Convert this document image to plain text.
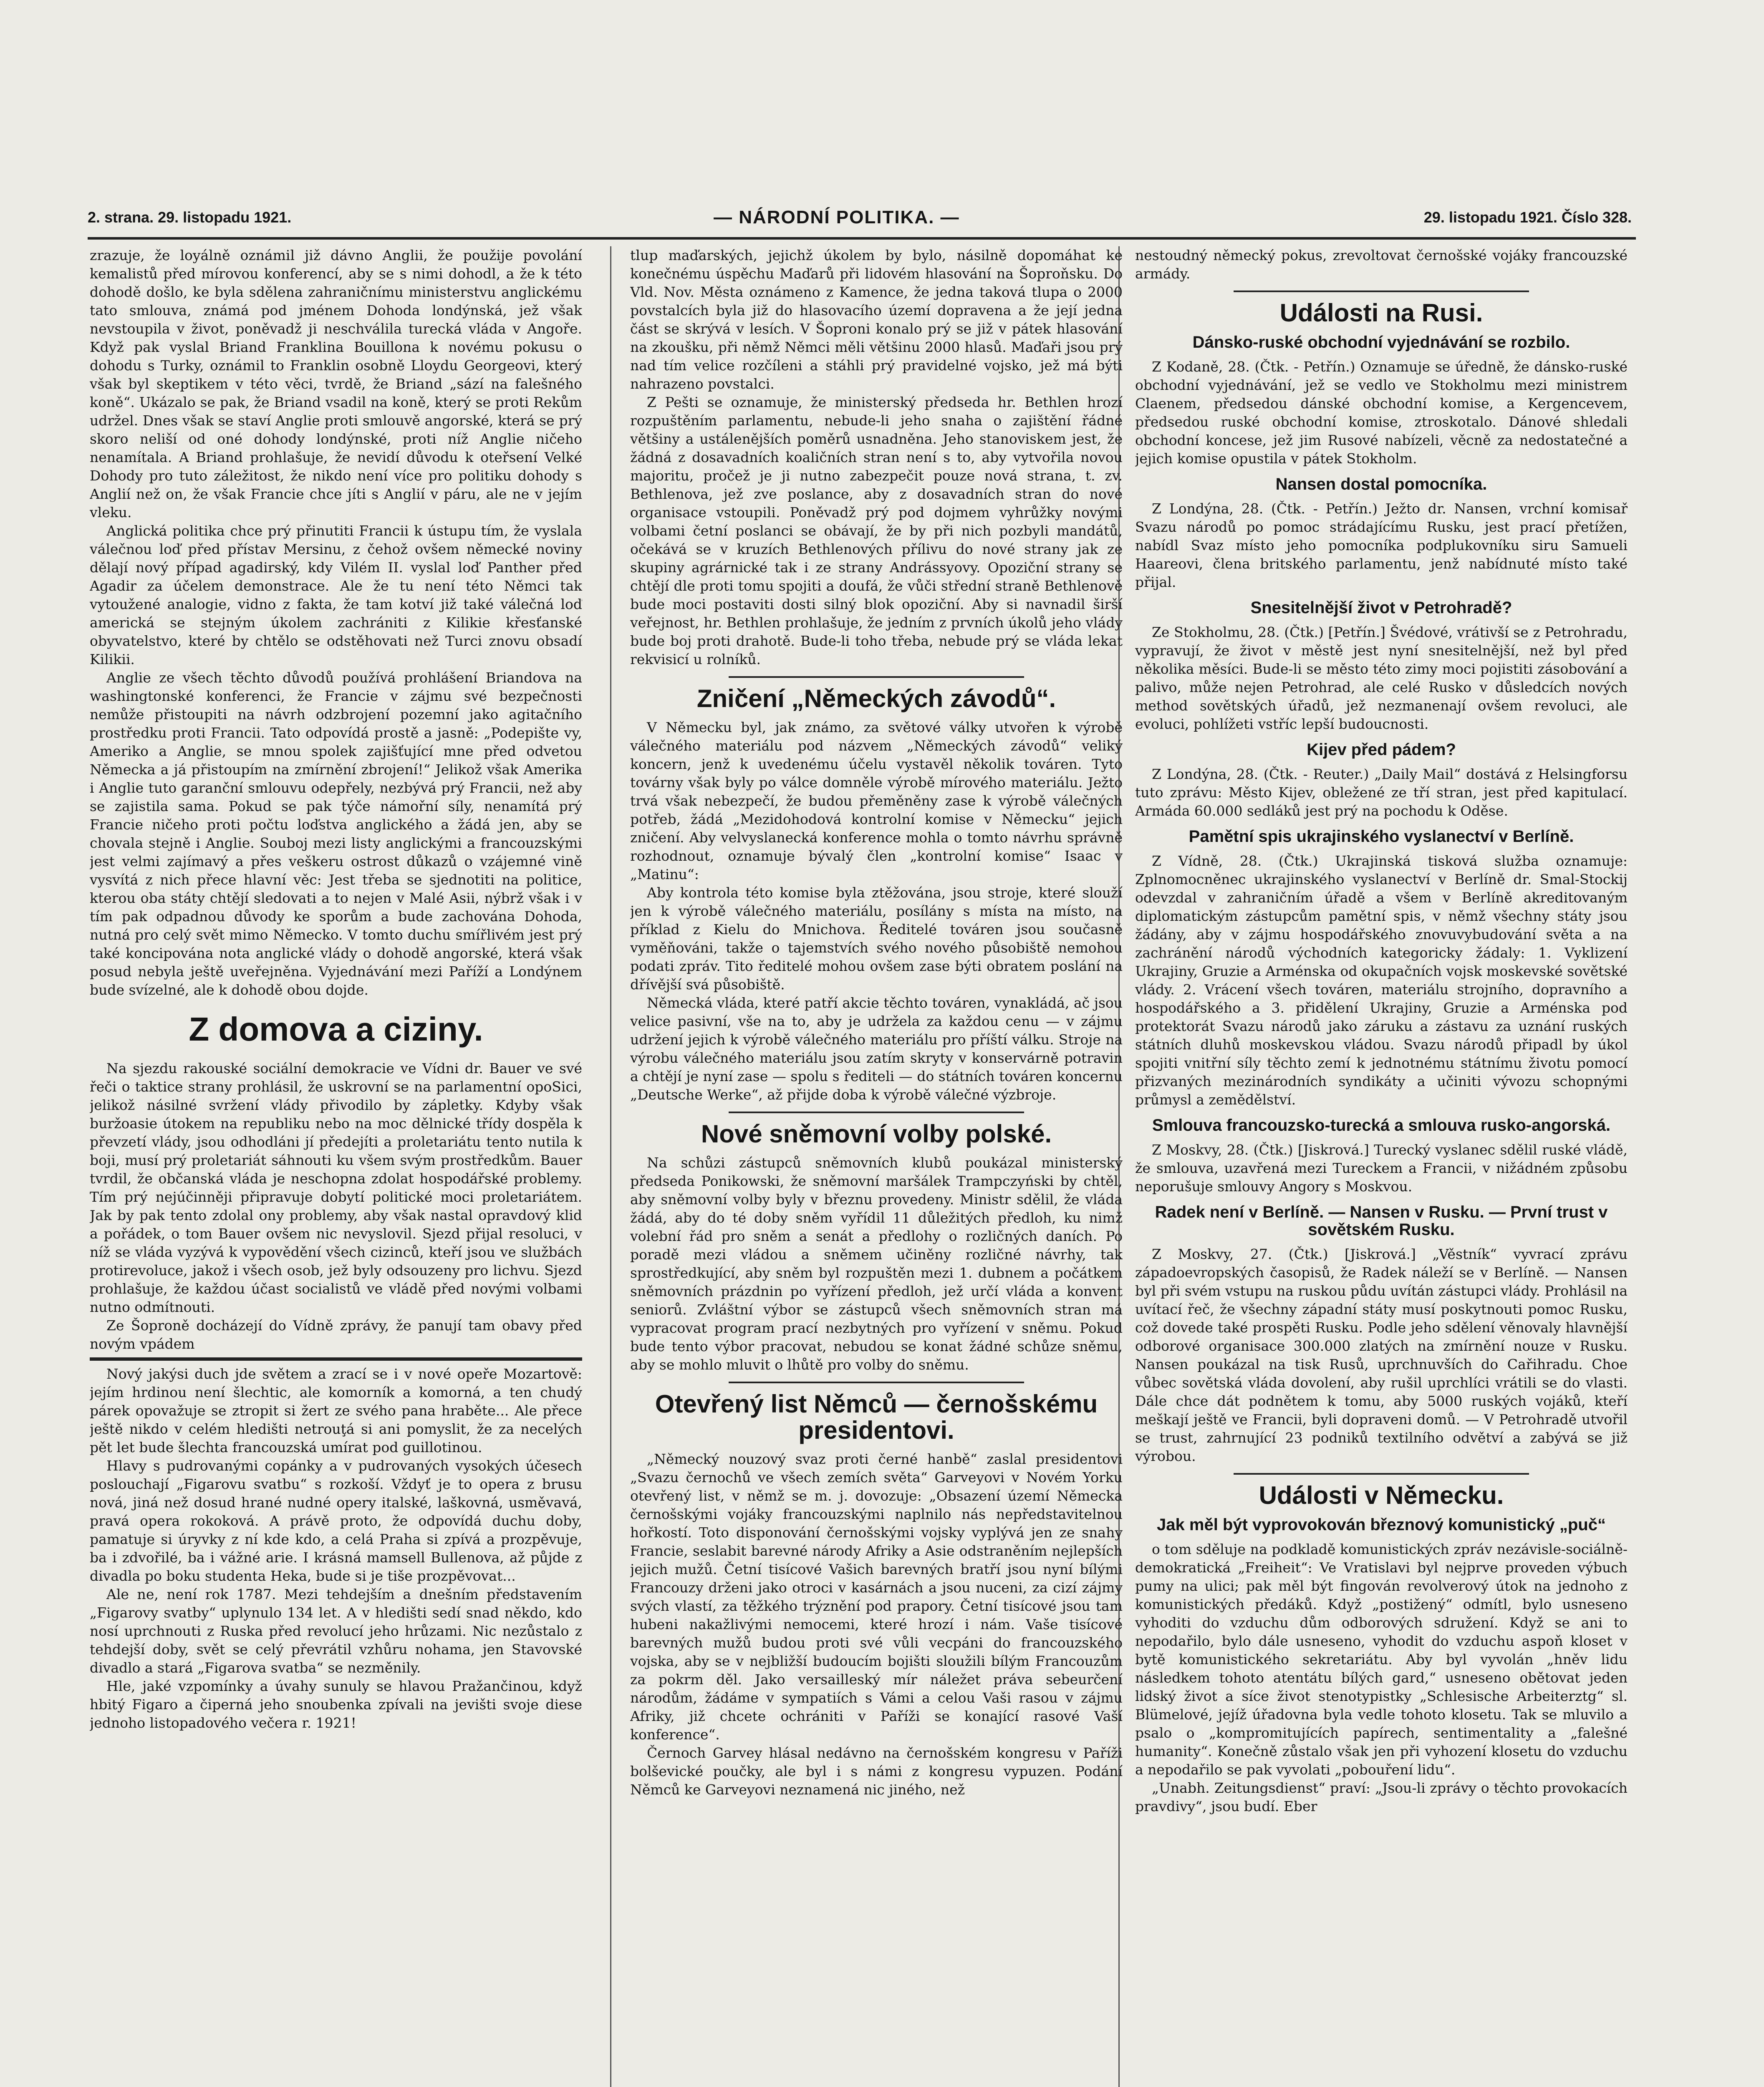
2. strana. 29. listopadu 1921.	— NÁRODNÍ POLITIKA. —	29. listopadu 1921. Číslo 328.

zrazuje, že loyálně oznámil již dávno Anglii, že použije povolání kemalistů před mírovou konferencí, aby se s nimi dohodl, a že k této dohodě došlo, ke byla sdělena zahraničnímu ministerstvu anglickému tato smlouva, známá pod jménem Dohoda londýnská, jež však nevstoupila v život, poněvadž ji neschválila turecká vláda v Angoře. Když pak vyslal Briand Franklina Bouillona k novému pokusu o dohodu s Turky, oznámil to Franklin osobně Lloydu Georgeovi, který však byl skeptikem v této věci, tvrdě, že Briand „sází na falešného koně“. Ukázalo se pak, že Briand vsadil na koně, který se proti Rekům udržel. Dnes však se staví Anglie proti smlouvě angorské, která se prý skoro neliší od oné dohody londýnské, proti níž Anglie ničeho nenamítala. A Briand prohlašuje, že nevidí důvodu k oteřsení Velké Dohody pro tuto záležitost, že nikdo není více pro politiku dohody s Anglií než on, že však Francie chce jíti s Anglií v páru, ale ne v jejím vleku.

Anglická politika chce prý přinutiti Francii k ústupu tím, že vyslala válečnou loď před přístav Mersinu, z čehož ovšem německé noviny dělají nový případ agadirský, kdy Vilém II. vyslal loď Panther před Agadir za účelem demonstrace. Ale že tu není této Němci tak vytoužené analogie, vidno z fakta, že tam kotví již také válečná loď americká se stejným úkolem zachrániti z Kilikie křesťanské obyvatelstvo, které by chtělo se odstěhovati než Turci znovu obsadí Kilikii.

Anglie ze všech těchto důvodů používá prohlášení Briandova na washingtonské konferenci, že Francie v zájmu své bezpečnosti nemůže přistoupiti na návrh odzbrojení pozemní jako agitačního prostředku proti Francii. Tato odpovídá prostě a jasně: „Podepište vy, Ameriko a Anglie, se mnou spolek zajišťující mne před odvetou Německa a já přistoupím na zmírnění zbrojení!“ Jelikož však Amerika i Anglie tuto garanční smlouvu odepřely, nezbývá prý Francii, než aby se zajistila sama. Pokud se pak týče námořní síly, nenamítá prý Francie ničeho proti počtu loďstva anglického a žádá jen, aby se chovala stejně i Anglie. Souboj mezi listy anglickými a francouzskými jest velmi zajímavý a přes veškeru ostrost důkazů o vzájemné vině vysvítá z nich přece hlavní věc: Jest třeba se sjednotiti na politice, kterou oba státy chtějí sledovati a to nejen v Malé Asii, nýbrž však i v tím pak odpadnou důvody ke sporům a bude zachována Dohoda, nutná pro celý svět mimo Německo. V tomto duchu smířlivém jest prý také koncipována nota anglické vlády o dohodě angorské, která však posud nebyla ještě uveřejněna. Vyjednávání mezi Paříží a Londýnem bude svízelné, ale k dohodě obou dojde.

Z domova a ciziny.

Na sjezdu rakouské sociální demokracie ve Vídni dr. Bauer ve své řeči o taktice strany prohlásil, že uskrovní se na parlamentní opoSici, jelikož násilné svržení vlády přivodilo by zápletky. Kdyby však buržoasie útokem na republiku nebo na moc dělnické třídy dospěla k převzetí vlády, jsou odhodláni jí předejíti a proletariátu tento nutila k boji, musí prý proletariát sáhnouti ku všem svým prostředkům. Bauer tvrdil, že občanská vláda je neschopna zdolat hospodářské problemy. Tím prý nejúčinněji připravuje dobytí politické moci proletariátem. Jak by pak tento zdolal ony problemy, aby však nastal opravdový klid a pořádek, o tom Bauer ovšem nic nevyslovil. Sjezd přijal resoluci, v níž se vláda vyzývá k vypovědění všech cizinců, kteří jsou ve službách protirevoluce, jakož i všech osob, jež byly odsouzeny pro lichvu. Sjezd prohlašuje, že každou účast socialistů ve vládě před novými volbami nutno odmítnouti.

Ze Šoproně docházejí do Vídně zprávy, že panují tam obavy před novým vpádem

Nový jakýsi duch jde světem a zrací se i v nové opeře Mozartově: jejím hrdinou není šlechtic, ale komorník a komorná, a ten chudý párek opovažuje se ztropit si žert ze svého pana hraběte... Ale přece ještě nikdo v celém hledišti netrouţá si ani pomyslit, že za necelých pět let bude šlechta francouzská umírat pod guillotinou.

Hlavy s pudrovanými copánky a v pudrovaných vysokých účesech poslouchají „Figarovu svatbu“ s rozkoší. Vždyť je to opera z brusu nová, jiná než dosud hrané nudné opery italské, laškovná, usměvavá, pravá opera rokoková. A právě proto, že odpovídá duchu doby, pamatuje si úryvky z ní kde kdo, a celá Praha si zpívá a prozpěvuje, ba i zdvořilé, ba i vážné arie. I krásná mamsell Bullenova, až půjde z divadla po boku studenta Heka, bude si je tiše prozpěvovat...

Ale ne, není rok 1787. Mezi tehdejším a dnešním představením „Figarovy svatby“ uplynulo 134 let. A v hledišti sedí snad někdo, kdo nosí uprchnouti z Ruska před revolucí jeho hrůzami. Nic nezůstalo z tehdejší doby, svět se celý převrátil vzhůru nohama, jen Stavovské divadlo a stará „Figarova svatba“ se nezměnily.

Hle, jaké vzpomínky a úvahy sunuly se hlavou Pražančinou, když hbitý Figaro a čiperná jeho snoubenka zpívali na jevišti svoje diese jednoho listopadového večera r. 1921!

tlup maďarských, jejichž úkolem by bylo, násilně dopomáhat ke konečnému úspěchu Maďarů při lidovém hlasování na Šoproňsku. Do Vld. Nov. Města oznámeno z Kamence, že jedna taková tlupa o 2000 povstalcích byla již do hlasovacího území dopravena a že její jedna část se skrývá v lesích. V Šoproni konalo prý se již v pátek hlasování na zkoušku, při němž Němci měli většinu 2000 hlasů. Maďaři jsou prý nad tím velice rozčíleni a stáhli prý pravidelné vojsko, jež má býti nahrazeno povstalci.

Z Pešti se oznamuje, že ministerský předseda hr. Bethlen hrozí rozpuštěním parlamentu, nebude-li jeho snaha o zajištění řádné většiny a ustálenějších poměrů usnadněna. Jeho stanoviskem jest, že žádná z dosavadních koaličních stran není s to, aby vytvořila novou majoritu, pročež je ji nutno zabezpečit pouze nová strana, t. zv. Bethlenova, jež zve poslance, aby z dosavadních stran do nové organisace vstoupili. Poněvadž prý pod dojmem vyhrůžky novými volbami četní poslanci se obávají, že by při nich pozbyli mandátů, očekává se v kruzích Bethlenových přílivu do nové strany jak ze skupiny agrárnické tak i ze strany Andrássyovy. Opoziční strany se chtějí dle proti tomu spojiti a doufá, že vůči střední straně Bethlenově bude moci postaviti dosti silný blok opoziční. Aby si navnadil širší veřejnost, hr. Bethlen prohlašuje, že jedním z prvních úkolů jeho vlády bude boj proti drahotě. Bude-li toho třeba, nebude prý se vláda lekat rekvisicí u rolníků.

Zničení „Německých závodů“.

V Německu byl, jak známo, za světové války utvořen k výrobě válečného materiálu pod názvem „Německých závodů“ veliký koncern, jenž k uvedenému účelu vystavěl několik továren. Tyto továrny však byly po válce domněle výrobě mírového materiálu. Ježto trvá však nebezpečí, že budou přeměněny zase k výrobě válečných potřeb, žádá „Mezidohodová kontrolní komise v Německu“ jejich zničení. Aby velvyslanecká konference mohla o tomto návrhu správně rozhodnout, oznamuje bývalý člen „kontrolní komise“ Isaac v „Matinu“:

Aby kontrola této komise byla ztěžována, jsou stroje, které slouží jen k výrobě válečného materiálu, posílány s místa na místo, na příklad z Kielu do Mnichova. Ředitelé továren jsou současně vyměňováni, takže o tajemstvích svého nového působiště nemohou podati zpráv. Tito ředitelé mohou ovšem zase býti obratem poslání na dřívější svá působiště.

Německá vláda, které patří akcie těchto továren, vynakládá, ač jsou velice pasivní, vše na to, aby je udržela za každou cenu — v zájmu udržení jejich k výrobě válečného materiálu pro příští válku. Stroje na výrobu válečného materiálu jsou zatím skryty v konservárně potravin a chtějí je nyní zase — spolu s řediteli — do státních továren koncernu „Deutsche Werke“, až přijde doba k výrobě válečné výzbroje.

Nové sněmovní volby polské.

Na schůzi zástupců sněmovních klubů poukázal ministerský předseda Ponikowski, že sněmovní maršálek Trampczyński by chtěl, aby sněmovní volby byly v březnu provedeny. Ministr sdělil, že vláda žádá, aby do té doby sněm vyřídil 11 důležitých předloh, ku nimž volební řád pro sněm a senát a předlohy o rozličných daních. Po poradě mezi vládou a sněmem učiněny rozličné návrhy, tak sprostředkující, aby sněm byl rozpuštěn mezi 1. dubnem a počátkem sněmovních prázdnin po vyřízení předloh, jež určí vláda a konvent seniorů. Zvláštní výbor se zástupců všech sněmovních stran má vypracovat program prací nezbytných pro vyřízení v sněmu. Pokud bude tento výbor pracovat, nebudou se konat žádné schůze sněmu, aby se mohlo mluvit o lhůtě pro volby do sněmu.

Otevřený list Němců — černošskému presidentovi.

„Německý nouzový svaz proti černé hanbě“ zaslal presidentovi „Svazu černochů ve všech zemích světa“ Garveyovi v Novém Yorku otevřený list, v němž se m. j. dovozuje: „Obsazení území Německa černošskými vojáky francouzskými naplnilo nás nepředstavitelnou hořkostí. Toto disponování černošskými vojsky vyplývá jen ze snahy Francie, seslabit barevné národy Afriky a Asie odstraněním nejlepších jejich mužů. Četní tisícové Vašich barevných bratří jsou nyní bílými Francouzy drženi jako otroci v kasárnách a jsou nuceni, za cizí zájmy svých vlastí, za těžkého trýznění pod prapory. Četní tisícové jsou tam hubeni nakažlivými nemocemi, které hrozí i nám. Vaše tisícové barevných mužů budou proti své vůli vecpáni do francouzského vojska, aby se v nejbližší budoucím bojišti sloužili bílým Francouzům za pokrm děl. Jako versailleský mír náležet práva sebeurčení národům, žádáme v sympatiích s Vámi a celou Vaši rasou v zájmu Afriky, již chcete ochrániti v Paříži se konající rasové Vaší konference“.

Černoch Garvey hlásal nedávno na černošském kongresu v Paříži bolševické poučky, ale byl i s námi z kongresu vypuzen. Podání Němců ke Garveyovi neznamená nic jiného, než

nestoudný německý pokus, zrevoltovat černošské vojáky francouzské armády.

Události na Rusi.
Dánsko-ruské obchodní vyjednávání se rozbilo.

Z Kodaně, 28. (Čtk. - Petřín.) Oznamuje se úředně, že dánsko-ruské obchodní vyjednávání, jež se vedlo ve Stokholmu mezi ministrem Claenem, předsedou dánské obchodní komise, a Kergencevem, předsedou ruské obchodní komise, ztroskotalo. Dánové shledali obchodní koncese, jež jim Rusové nabízeli, věcně za nedostatečné a jejich komise opustila v pátek Stokholm.

Nansen dostal pomocníka.

Z Londýna, 28. (Čtk. - Petřín.) Ježto dr. Nansen, vrchní komisař Svazu národů po pomoc strádajícímu Rusku, jest prací přetížen, nabídl Svaz místo jeho pomocníka podplukovníku siru Samueli Haareovi, člena britského parlamentu, jenž nabídnuté místo také přijal.

Snesitelnější život v Petrohradě?

Ze Stokholmu, 28. (Čtk.) [Petřín.] Švédové, vrátivší se z Petrohradu, vypravují, že život v městě jest nyní snesitelnější, než byl před několika měsíci. Bude-li se město této zimy moci pojistiti zásobování a palivo, může nejen Petrohrad, ale celé Rusko v důsledcích nových method sovětských úřadů, jež nezmanenají ovšem revoluci, ale evoluci, pohlížeti vstříc lepší budoucnosti.

Kijev před pádem?

Z Londýna, 28. (Čtk. - Reuter.) „Daily Mail“ dostává z Helsingforsu tuto zprávu: Město Kijev, obležené ze tří stran, jest před kapitulací. Armáda 60.000 sedláků jest prý na pochodu k Oděse.

Pamětní spis ukrajinského vyslanectví v Berlíně.

Z Vídně, 28. (Čtk.) Ukrajinská tisková služba oznamuje: Zplnomocněnec ukrajinského vyslanectví v Berlíně dr. Smal-Stockij odevzdal v zahraničním úřadě a všem v Berlíně akreditovaným diplomatickým zástupcům pamětní spis, v němž všechny státy jsou žádány, aby v zájmu hospodářského znovuvybudování světa a na zachránění národů východních kategoricky žádaly: 1. Vyklizení Ukrajiny, Gruzie a Arménska od okupačních vojsk moskevské sovětské vlády. 2. Vrácení všech továren, materiálu strojního, dopravního a hospodářského a 3. přidělení Ukrajiny, Gruzie a Arménska pod protektorát Svazu národů jako záruku a zástavu za uznání ruských státních dluhů moskevskou vládou. Svazu národů připadl by úkol spojiti vnitřní síly těchto zemí k jednotnému státnímu životu pomocí přizvaných mezinárodních syndikáty a učiniti vývozu schopnými průmysl a zemědělství.

Smlouva francouzsko-turecká a smlouva rusko-angorská.

Z Moskvy, 28. (Čtk.) [Jiskrová.] Turecký vyslanec sdělil ruské vládě, že smlouva, uzavřená mezi Tureckem a Francii, v nižádném způsobu neporušuje smlouvy Angory s Moskvou.

Radek není v Berlíně. — Nansen v Rusku. — První trust v sovětském Rusku.

Z Moskvy, 27. (Čtk.) [Jiskrová.] „Věstník“ vyvrací zprávu západoevropských časopisů, že Radek náleží se v Berlíně. — Nansen byl při svém vstupu na ruskou půdu uvítán zástupci vlády. Prohlásil na uvítací řeč, že všechny západní státy musí poskytnouti pomoc Rusku, což dovede také prospěti Rusku. Podle jeho sdělení věnovaly hlavnější odborové organisace 300.000 zlatých na zmírnění nouze v Rusku. Nansen poukázal na tisk Rusů, uprchnuvších do Cařihradu. Choe vůbec sovětská vláda dovolení, aby rušil uprchlíci vrátili se do vlasti. Dále chce dát podnětem k tomu, aby 5000 ruských vojáků, kteří meškají ještě ve Francii, byli dopraveni domů. — V Petrohradě utvořil se trust, zahrnující 23 podniků textilního odvětví a zabývá se již výrobou.

Události v Německu.
Jak měl být vyprovokován březnový komunistický „puč“

o tom sděluje na podkladě komunistických zpráv nezávisle-sociálně-demokratická „Freiheit“: Ve Vratislavi byl nejprve proveden výbuch pumy na ulici; pak měl být fingován revolverový útok na jednoho z komunistických předáků. Když „postižený“ odmítl, bylo usneseno vyhoditi do vzduchu dům odborových sdružení. Když se ani to nepodařilo, bylo dále usneseno, vyhodit do vzduchu aspoň kloset v bytě komunistického sekretariátu. Aby byl vyvolán „hněv lidu následkem tohoto atentátu bílých gard,“ usneseno obětovat jeden lidský život a síce život stenotypistky „Schlesische Arbeiterztg“ sl. Blümelové, jejíž úřadovna byla vedle tohoto klosetu. Tak se mluvilo a psalo o „kompromitujících papírech, sentimentality a „falešné humanity“. Konečně zůstalo však jen při vyhození klosetu do vzduchu a nepodařilo se pak vyvolati „pobouření lidu“.

„Unabh. Zeitungsdienst“ praví: „Jsou-li zprávy o těchto provokacích pravdivy“, jsou budí. Eber
